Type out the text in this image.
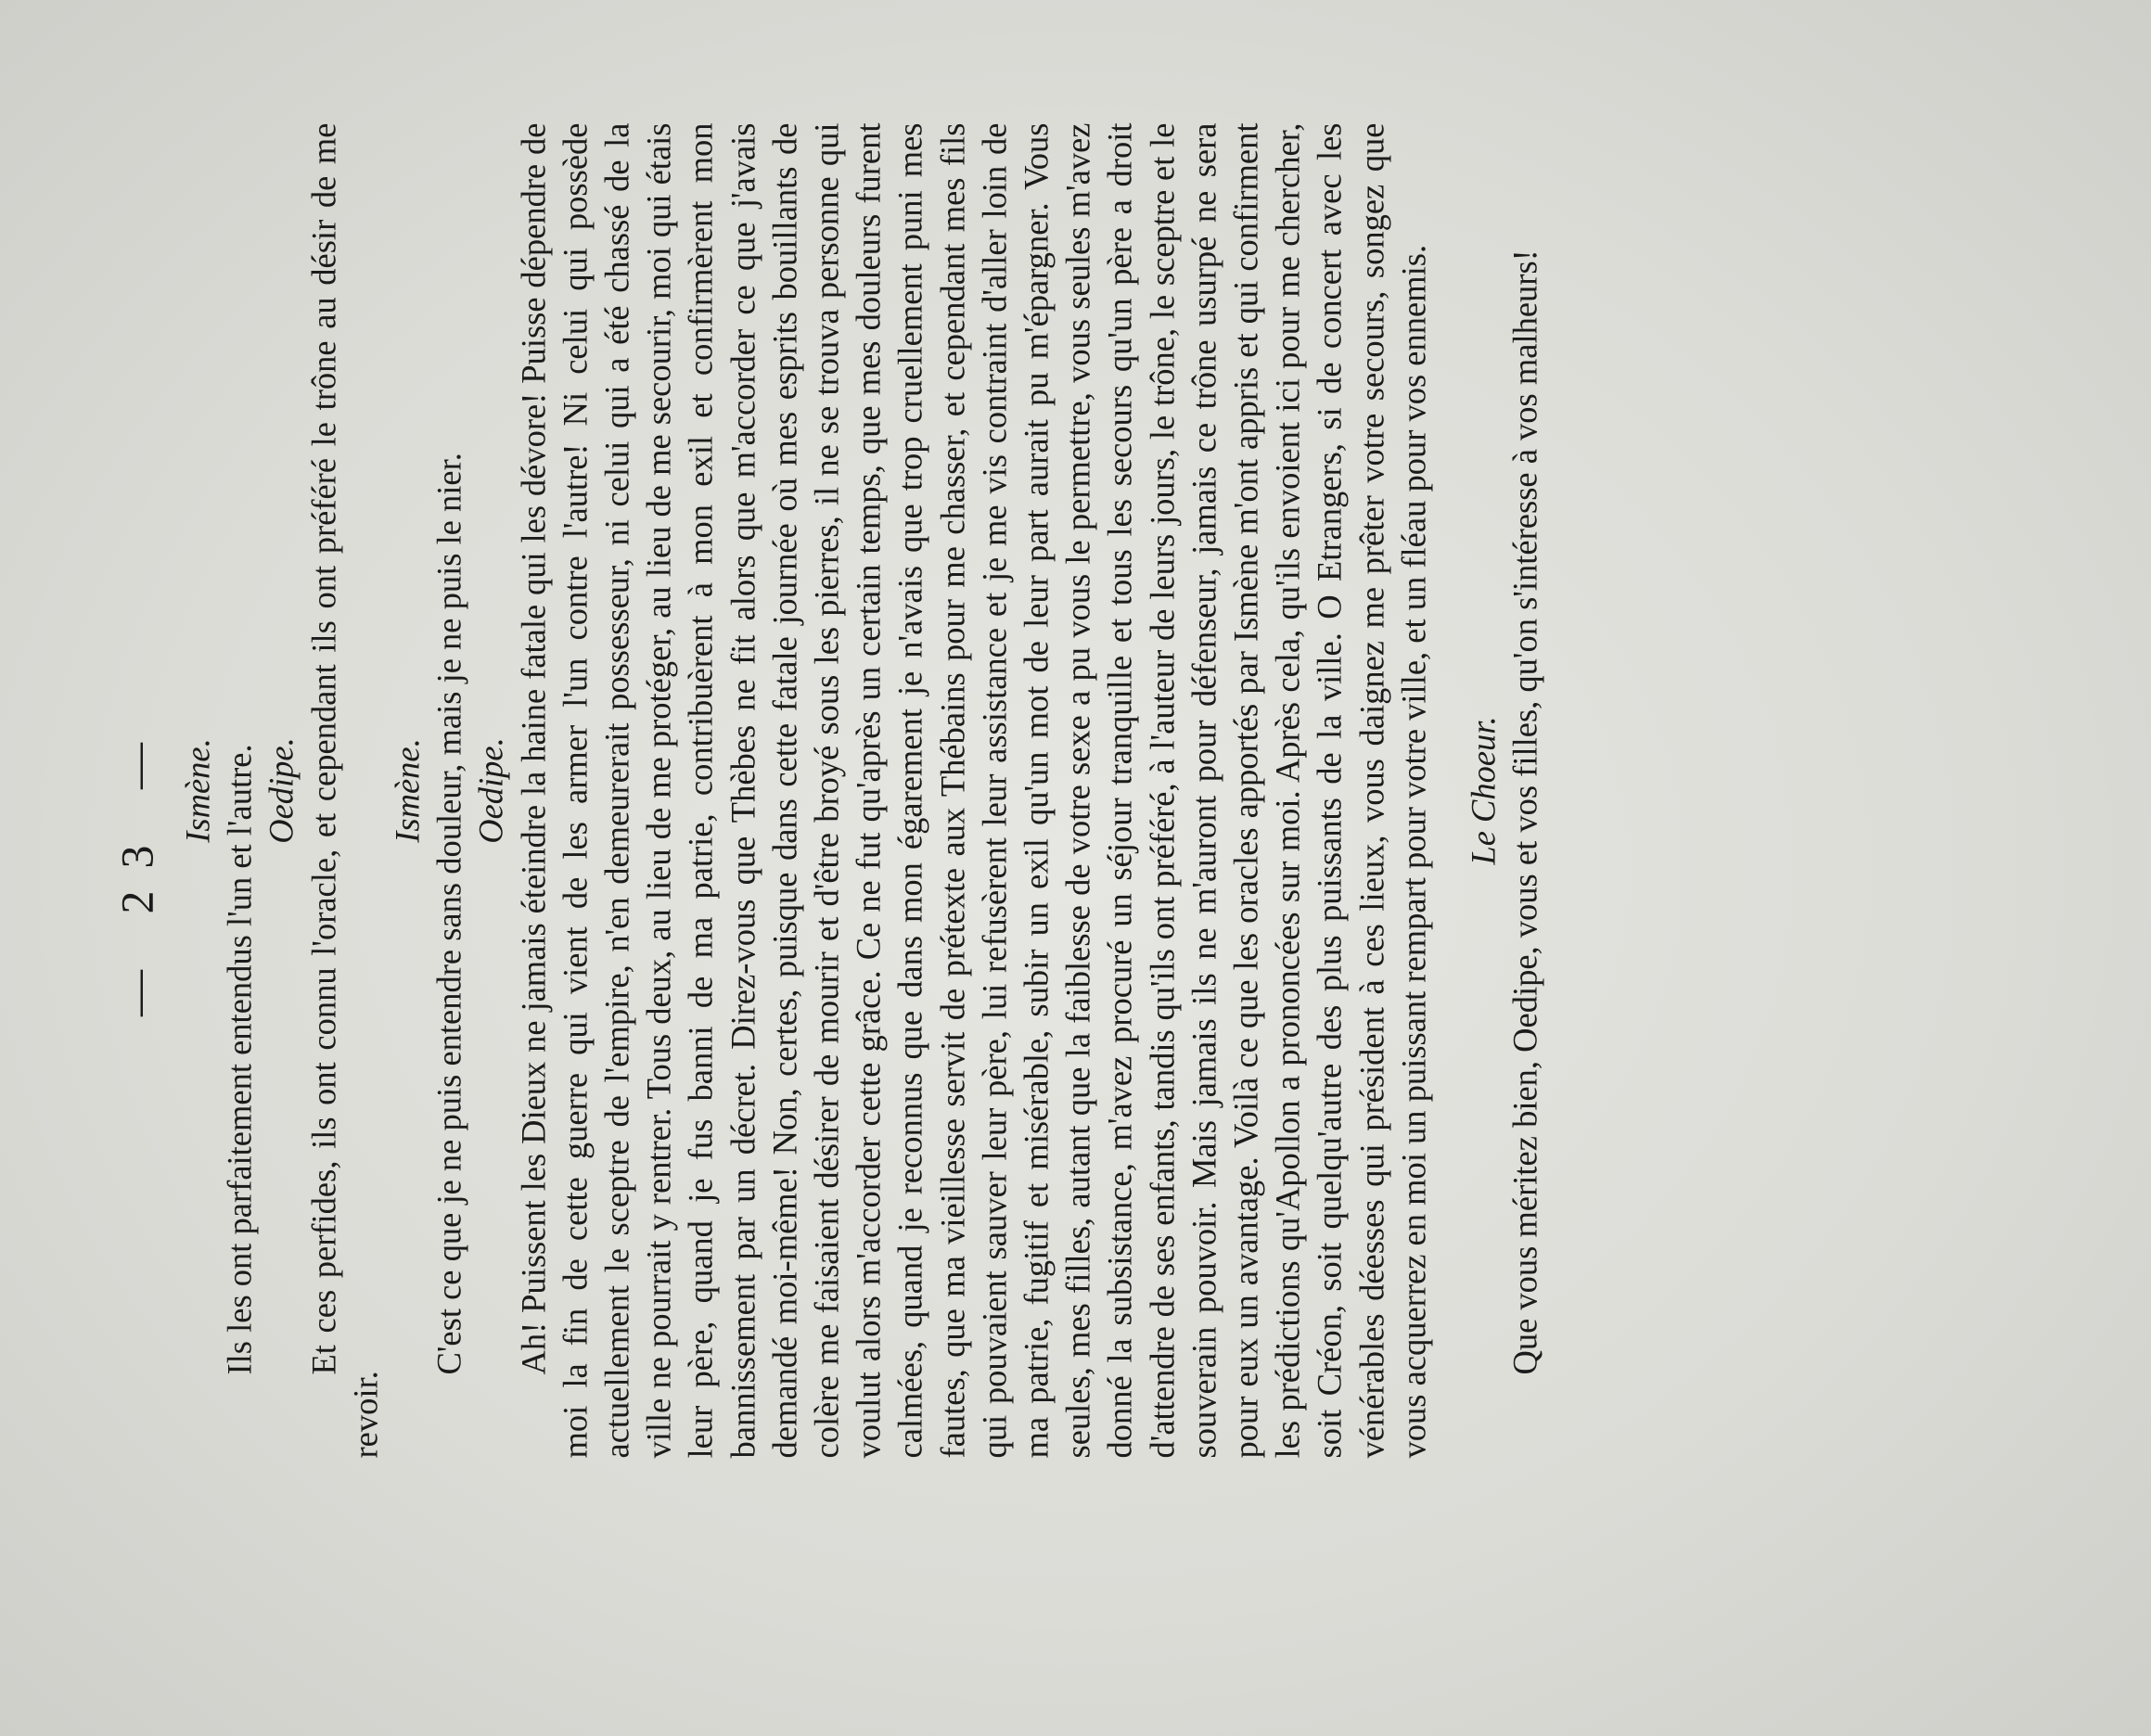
— 23 — Ismène. Ils les ont parfaitement entendus l'un et l'autre. Oedipe. Et ces perfides, ils ont connu l'oracle, et cependant ils ont préféré le trône au désir de me revoir.

Ismène. C'est ce que je ne puis entendre sans douleur, mais je ne puis le nier. Oedipe. Ah! Puissent les Dieux ne jamais éteindre la haine fatale qui les dévore! Puisse dépendre de moi la fin de cette guerre qui vient de les armer l'un contre l'autre! Ni celui qui possède actuellement le sceptre de l'empire, n'en demeurerait possesseur, ni celui qui a été chassé de la ville ne pourrait y rentrer. Tous deux, au lieu de me protéger, au lieu de me secourir, moi qui étais leur père, quand je fus banni de ma patrie, contribuèrent à mon exil et confirmèrent mon bannissement par un décret. Direz-vous que Thèbes ne fit alors que m'accorder ce que j'avais demandé moi-même! Non, certes, puisque dans cette fatale journée où mes esprits bouillants de colère me faisaient désirer de mourir et d'être broyé sous les pierres, il ne se trouva personne qui voulut alors m'accorder cette grâce. Ce ne fut qu'après un certain temps, que mes douleurs furent calmées, quand je reconnus que dans mon égarement je n'avais que trop cruellement puni mes fautes, que ma vieillesse servit de prétexte aux Thébains pour me chasser, et cependant mes fils qui pouvaient sauver leur père, lui refusèrent leur assistance et je me vis contraint d'aller loin de ma patrie, fugitif et misérable, subir un exil qu'un mot de leur part aurait pu m'épargner. Vous seules, mes filles, autant que la faiblesse de votre sexe a pu vous le permettre, vous seules m'avez donné la subsistance, m'avez procuré un séjour tranquille et tous les secours qu'un père a droit d'attendre de ses enfants, tandis qu'ils ont préféré, à l'auteur de leurs jours, le trône, le sceptre et le souverain pouvoir. Mais jamais ils ne m'auront pour défenseur, jamais ce trône usurpé ne sera pour eux un avantage. Voilà ce que les oracles apportés par Ismène m'ont appris et qui confirment les prédictions qu'Apollon a prononcées sur moi. Après cela, qu'ils envoient ici pour me chercher, soit Créon, soit quelqu'autre des plus puissants de la ville. O Etrangers, si de concert avec les vénérables déesses qui président à ces lieux, vous daignez me prêter votre secours, songez que vous acquerrez en moi un puissant rempart pour votre ville, et un fléau pour vos ennemis. Le Choeur. Que vous méritez bien, Oedipe, vous et vos filles, qu'on s'intéresse à vos malheurs!
